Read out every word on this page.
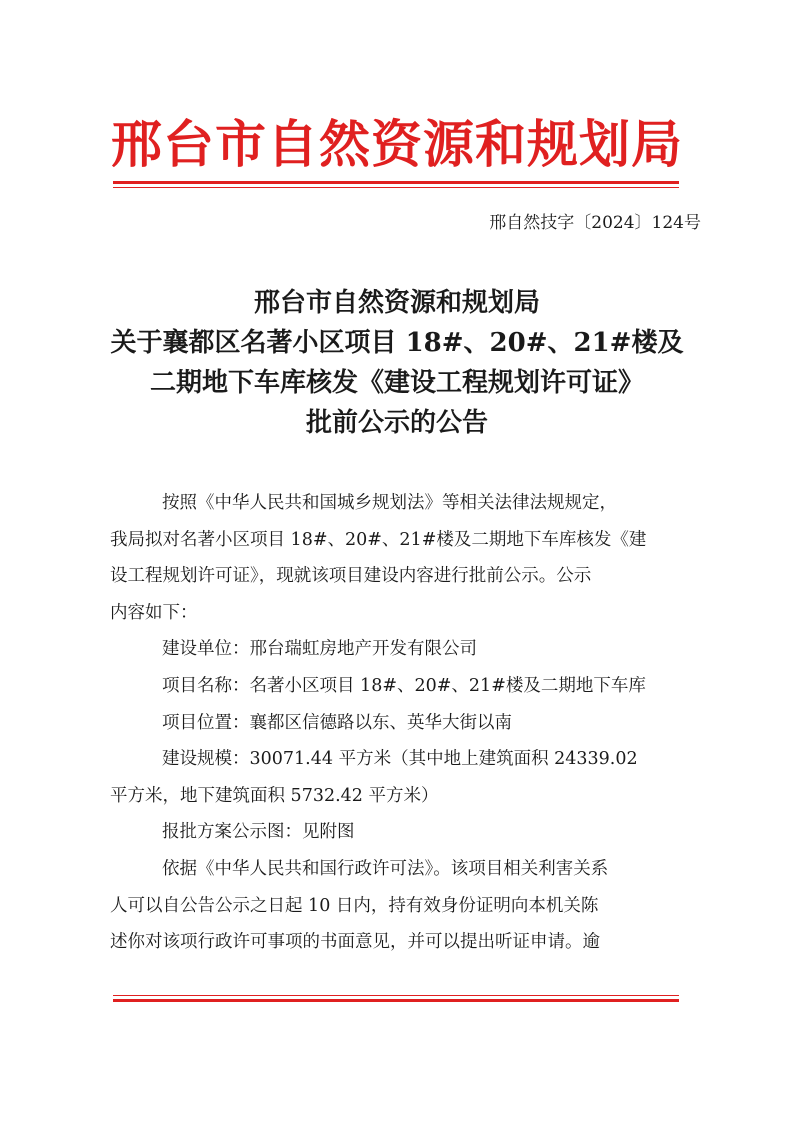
邢台市自然资源和规划局
邢自然技字〔2024〕124号
邢台市自然资源和规划局
关于襄都区名著小区项目 18#、20#、21#楼及
二期地下车库核发《建设工程规划许可证》
批前公示的公告
按照《中华人民共和国城乡规划法》等相关法律法规规定，
我局拟对名著小区项目 18#、20#、21#楼及二期地下车库核发《建
设工程规划许可证》，现就该项目建设内容进行批前公示。公示
内容如下：
建设单位：邢台瑞虹房地产开发有限公司
项目名称：名著小区项目 18#、20#、21#楼及二期地下车库
项目位置：襄都区信德路以东、英华大街以南
建设规模：30071.44 平方米（其中地上建筑面积 24339.02
平方米，地下建筑面积 5732.42 平方米）
报批方案公示图：见附图
依据《中华人民共和国行政许可法》。该项目相关利害关系
人可以自公告公示之日起 10 日内，持有效身份证明向本机关陈
述你对该项行政许可事项的书面意见，并可以提出听证申请。逾
